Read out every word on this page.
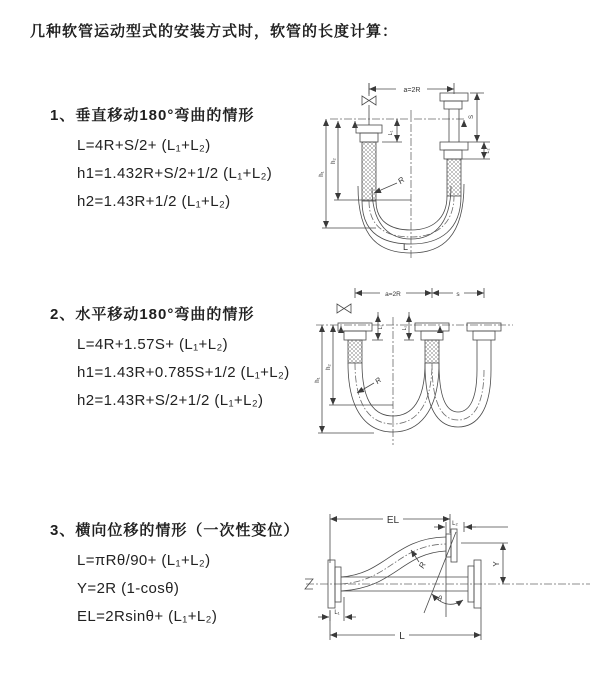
几种软管运动型式的安装方式时，软管的长度计算：
1、垂直移动180°弯曲的情形
L=4R+S/2+ (L₁+L₂)
h1=1.432R+S/2+1/2 (L₁+L₂)
h2=1.43R+1/2 (L₁+L₂)
2、水平移动180°弯曲的情形
L=4R+1.57S+ (L₁+L₂)
h1=1.43R+0.785S+1/2 (L₁+L₂)
h2=1.43R+S/2+1/2 (L₁+L₂)
3、横向位移的情形（一次性变位）
L=πRθ/90+ (L₁+L₂)
Y=2R (1-cosθ)
EL=2Rsinθ+ (L₁+L₂)
a=2R
L₁
S
L₂
h₁
h₂
R
L
a=2R	s
L₁	L₂
h₁
h₂
R
EL	L₂
Y
R
θ
L
L₁
